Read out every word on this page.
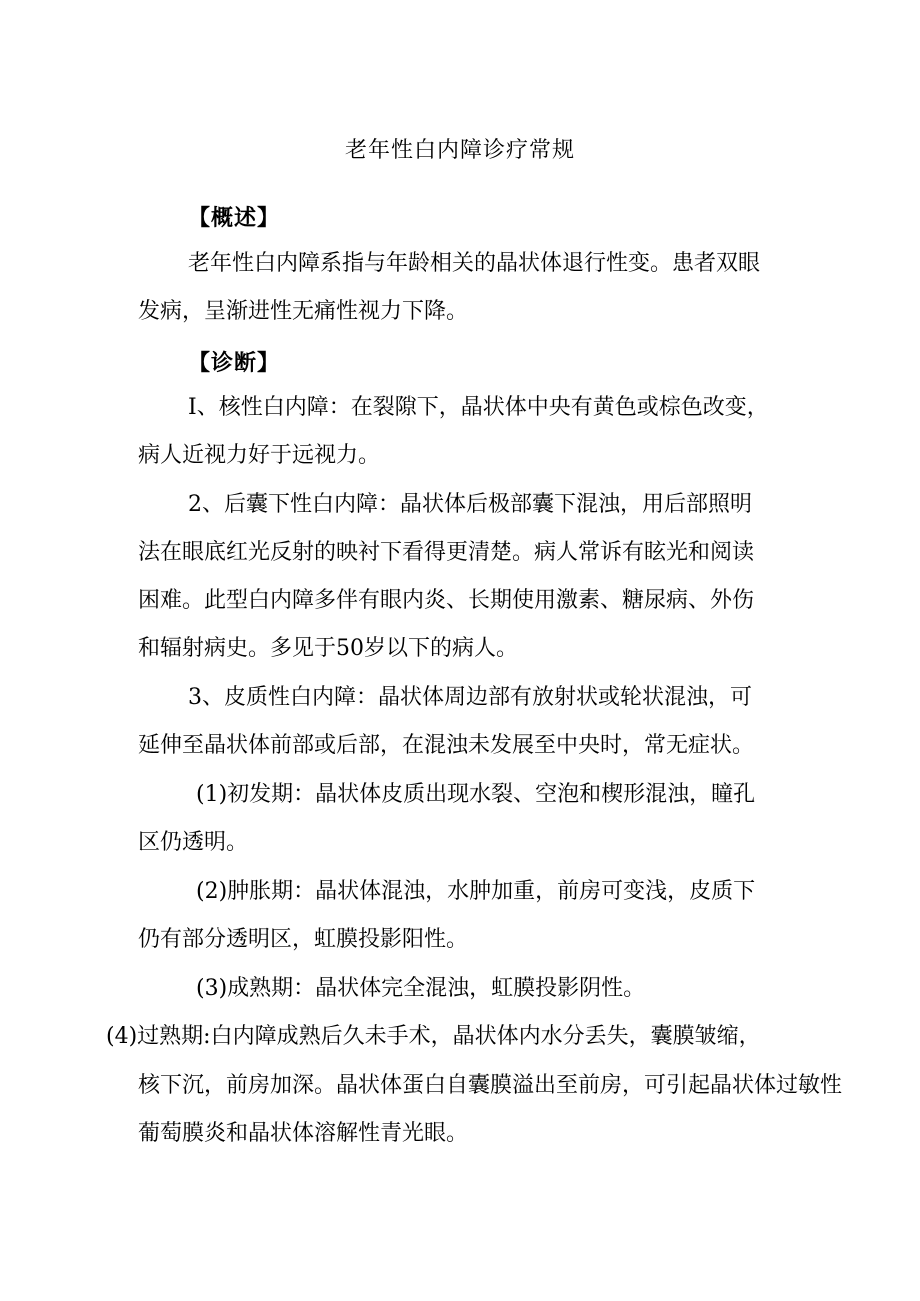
老年性白内障诊疗常规
【概述】
老年性白内障系指与年龄相关的晶状体退行性变。患者双眼
发病，呈渐进性无痛性视力下降。
【诊断】
I、核性白内障：在裂隙下，晶状体中央有黄色或棕色改变，
病人近视力好于远视力。
2、后囊下性白内障：晶状体后极部囊下混浊，用后部照明
法在眼底红光反射的映衬下看得更清楚。病人常诉有眩光和阅读
困难。此型白内障多伴有眼内炎、长期使用激素、糖尿病、外伤
和辐射病史。多见于50岁以下的病人。
3、皮质性白内障：晶状体周边部有放射状或轮状混浊，可
延伸至晶状体前部或后部，在混浊未发展至中央时，常无症状。
(1)初发期：晶状体皮质出现水裂、空泡和楔形混浊，瞳孔
区仍透明。
(2)肿胀期：晶状体混浊，水肿加重，前房可变浅，皮质下
仍有部分透明区，虹膜投影阳性。
(3)成熟期：晶状体完全混浊，虹膜投影阴性。
(4)过熟期:白内障成熟后久未手术，晶状体内水分丢失，囊膜皱缩，
核下沉，前房加深。晶状体蛋白自囊膜溢出至前房，可引起晶状体过敏性
葡萄膜炎和晶状体溶解性青光眼。
